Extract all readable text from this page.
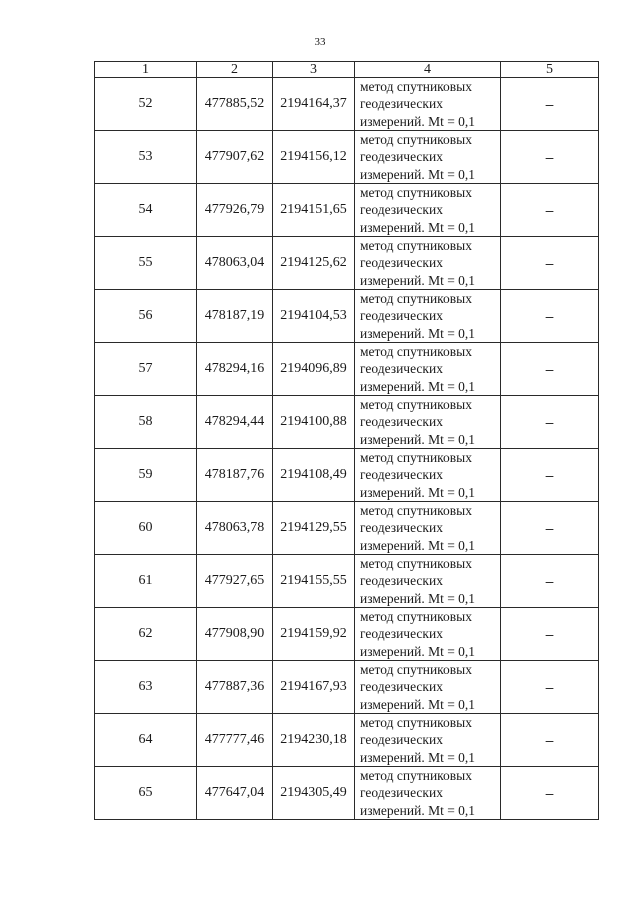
33
1	2	3	4	5
52	477885,52	2194164,37	метод спутниковых
геодезических
измерений. Mt = 0,1	–
53	477907,62	2194156,12	метод спутниковых
геодезических
измерений. Mt = 0,1	–
54	477926,79	2194151,65	метод спутниковых
геодезических
измерений. Mt = 0,1	–
55	478063,04	2194125,62	метод спутниковых
геодезических
измерений. Mt = 0,1	–
56	478187,19	2194104,53	метод спутниковых
геодезических
измерений. Mt = 0,1	–
57	478294,16	2194096,89	метод спутниковых
геодезических
измерений. Mt = 0,1	–
58	478294,44	2194100,88	метод спутниковых
геодезических
измерений. Mt = 0,1	–
59	478187,76	2194108,49	метод спутниковых
геодезических
измерений. Mt = 0,1	–
60	478063,78	2194129,55	метод спутниковых
геодезических
измерений. Mt = 0,1	–
61	477927,65	2194155,55	метод спутниковых
геодезических
измерений. Mt = 0,1	–
62	477908,90	2194159,92	метод спутниковых
геодезических
измерений. Mt = 0,1	–
63	477887,36	2194167,93	метод спутниковых
геодезических
измерений. Mt = 0,1	–
64	477777,46	2194230,18	метод спутниковых
геодезических
измерений. Mt = 0,1	–
65	477647,04	2194305,49	метод спутниковых
геодезических
измерений. Mt = 0,1	–
